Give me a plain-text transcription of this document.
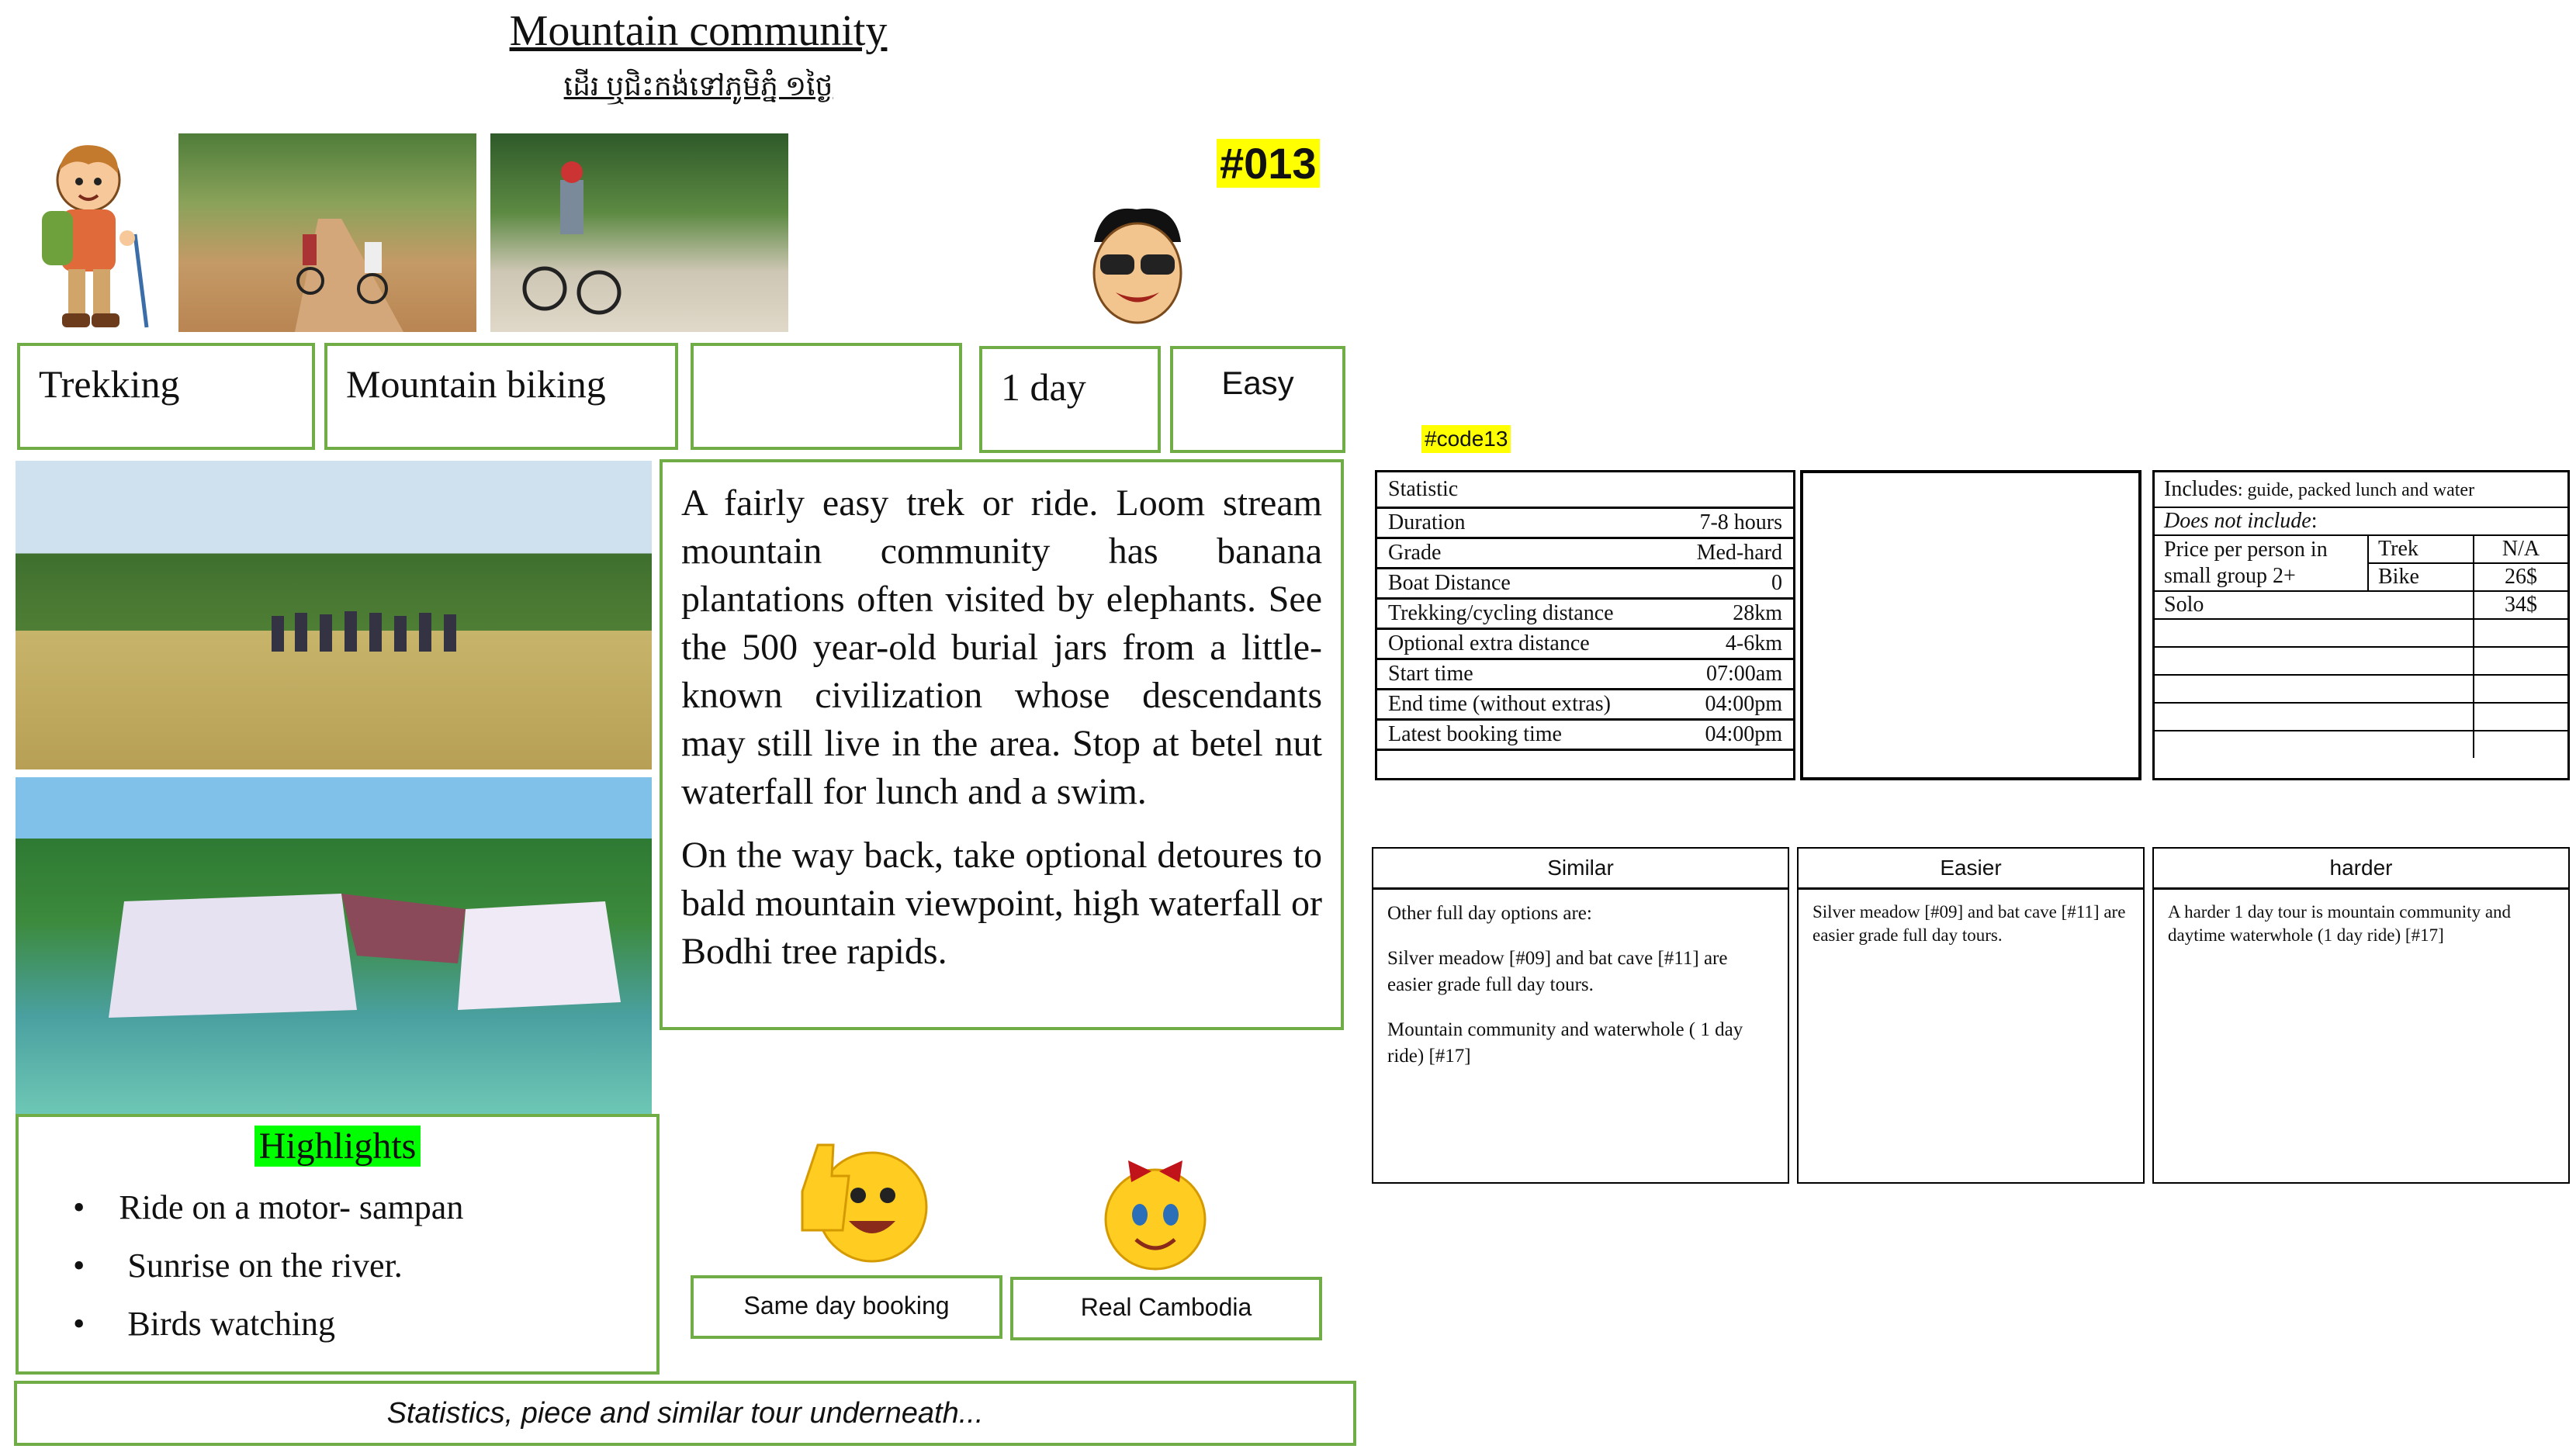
Mountain community
ដើរ ឬជិះកង់ទៅភូមិភ្នំ ១ថ្ងៃ
#013
Trekking	Mountain biking	1 day	Easy

A fairly easy trek or ride. Loom stream mountain community has banana plantations often visited by elephants. See the 500 year-old burial jars from a little-known civilization whose descendants may still live in the area. Stop at betel nut waterfall for lunch and a swim.

On the way back, take optional detoures to bald mountain viewpoint, high waterfall or Bodhi tree rapids.

Highlights
•    Ride on a motor- sampan
•     Sunrise on the river.
•     Birds watching	Same day booking	Real Cambodia
Statistics, piece and similar tour underneath...
#code13
Statistic	
Duration	7-8 hours
Grade	Med-hard
Boat Distance	0
Trekking/cycling distance	28km
Optional extra distance	4-6km
Start time	07:00am
End time (without extras)	04:00pm
Latest booking time	04:00pm
Includes: guide, packed lunch and water		
Does not include:		
Price per person in small group 2+	Trek	N/A
	Bike	26$
Solo		34$

Similar

Other full day options are:

Silver meadow [#09] and bat cave [#11] are easier grade full day tours.

Mountain community and waterwhole ( 1 day ride) [#17]

Easier

Silver meadow [#09] and bat cave [#11] are easier grade full day tours.

harder

A harder 1 day tour is mountain community and daytime waterwhole (1 day ride) [#17]
